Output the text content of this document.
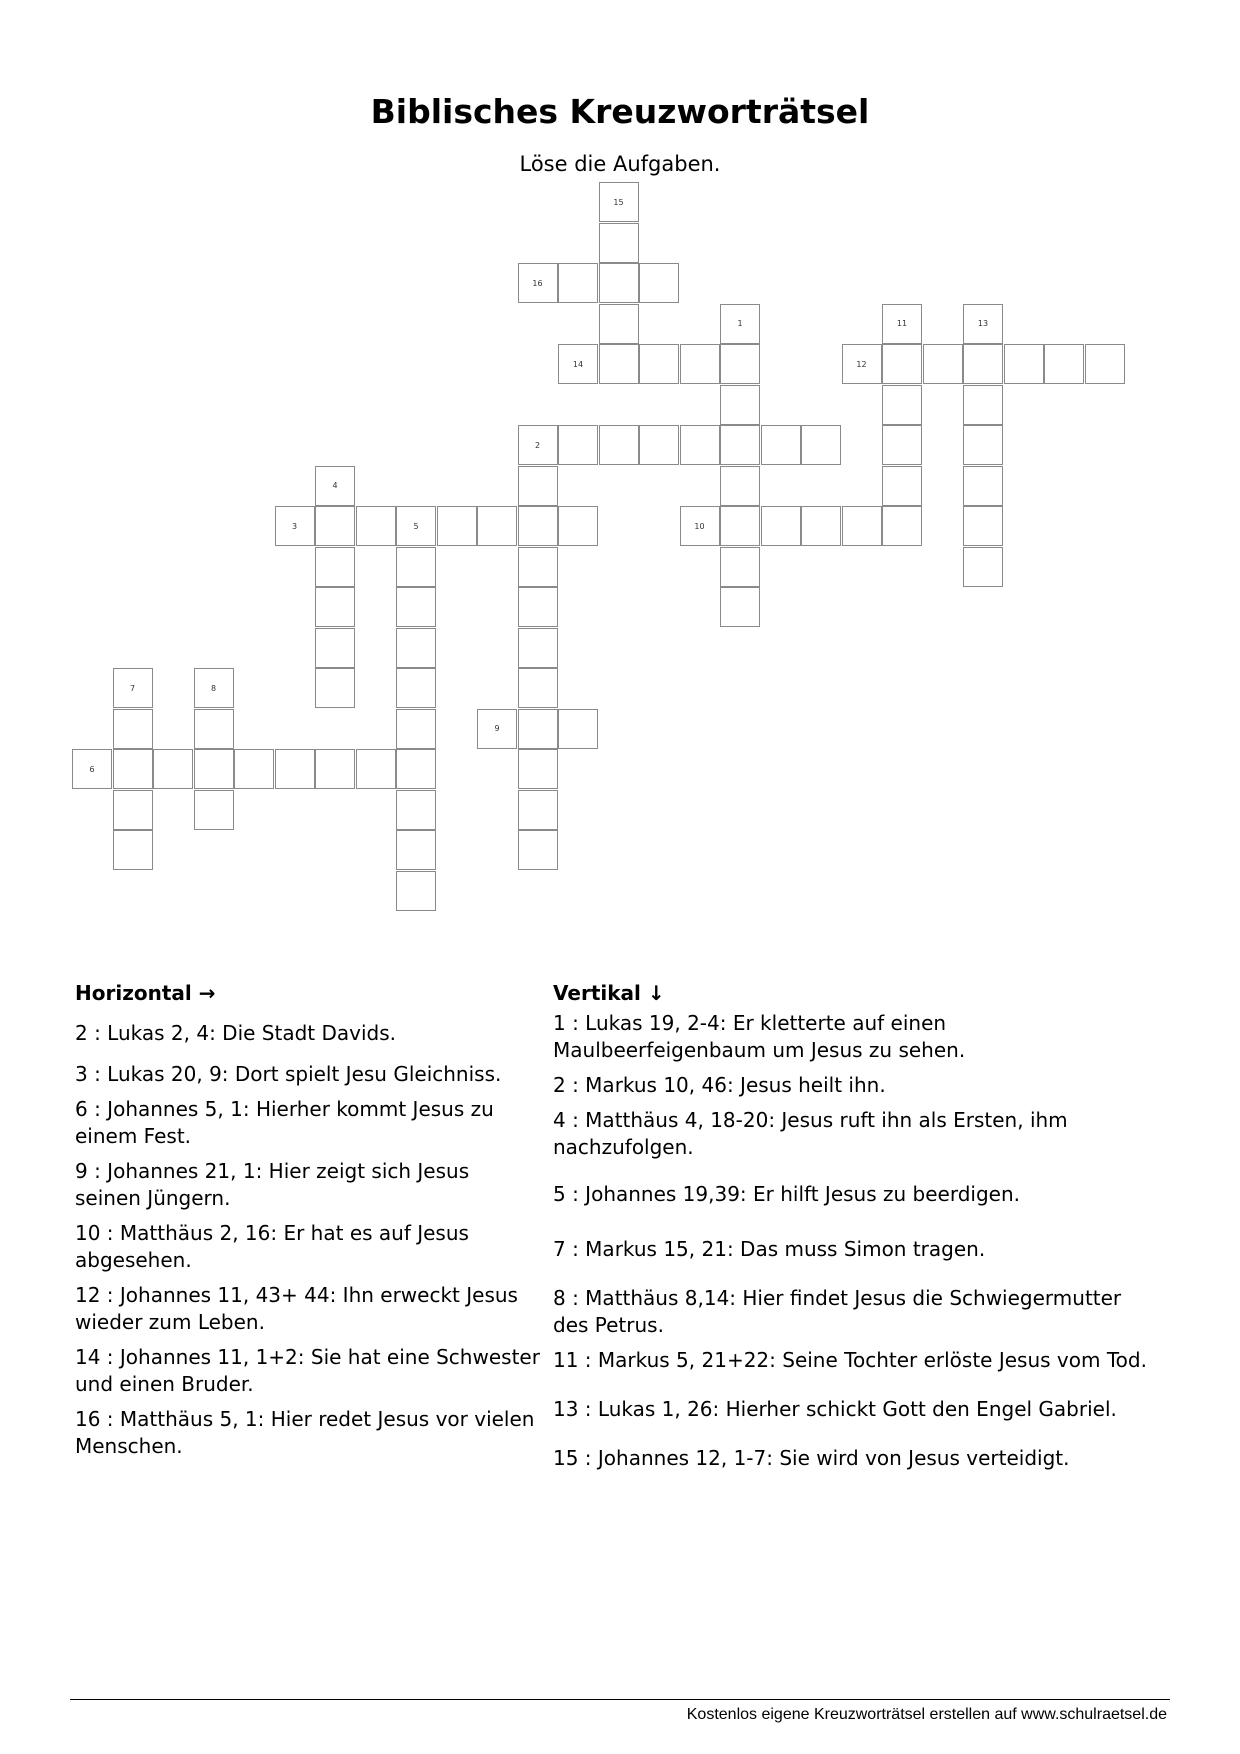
Biblisches Kreuzworträtsel
Löse die Aufgaben.
15
16
1	11	13
14	12
2
4
3	5	10
7	8
9
6
Horizontal →
2 : Lukas 2, 4: Die Stadt Davids.
3 : Lukas 20, 9: Dort spielt Jesu Gleichniss.
6 : Johannes 5, 1: Hierher kommt Jesus zu einem Fest.
9 : Johannes 21, 1: Hier zeigt sich Jesus seinen Jüngern.
10 : Matthäus 2, 16: Er hat es auf Jesus abgesehen.
12 : Johannes 11, 43+ 44: Ihn erweckt Jesus wieder zum Leben.
14 : Johannes 11, 1+2: Sie hat eine Schwester und einen Bruder.
16 : Matthäus 5, 1: Hier redet Jesus vor vielen Menschen.
Vertikal ↓
1 : Lukas 19, 2-4: Er kletterte auf einen Maulbeerfeigenbaum um Jesus zu sehen.
2 : Markus 10, 46: Jesus heilt ihn.
4 : Matthäus 4, 18-20: Jesus ruft ihn als Ersten, ihm nachzufolgen.
5 : Johannes 19,39: Er hilft Jesus zu beerdigen.
7 : Markus 15, 21: Das muss Simon tragen.
8 : Matthäus 8,14: Hier findet Jesus die Schwiegermutter des Petrus.
11 : Markus 5, 21+22: Seine Tochter erlöste Jesus vom Tod.
13 : Lukas 1, 26: Hierher schickt Gott den Engel Gabriel.
15 : Johannes 12, 1-7: Sie wird von Jesus verteidigt.
Kostenlos eigene Kreuzworträtsel erstellen auf www.schulraetsel.de
